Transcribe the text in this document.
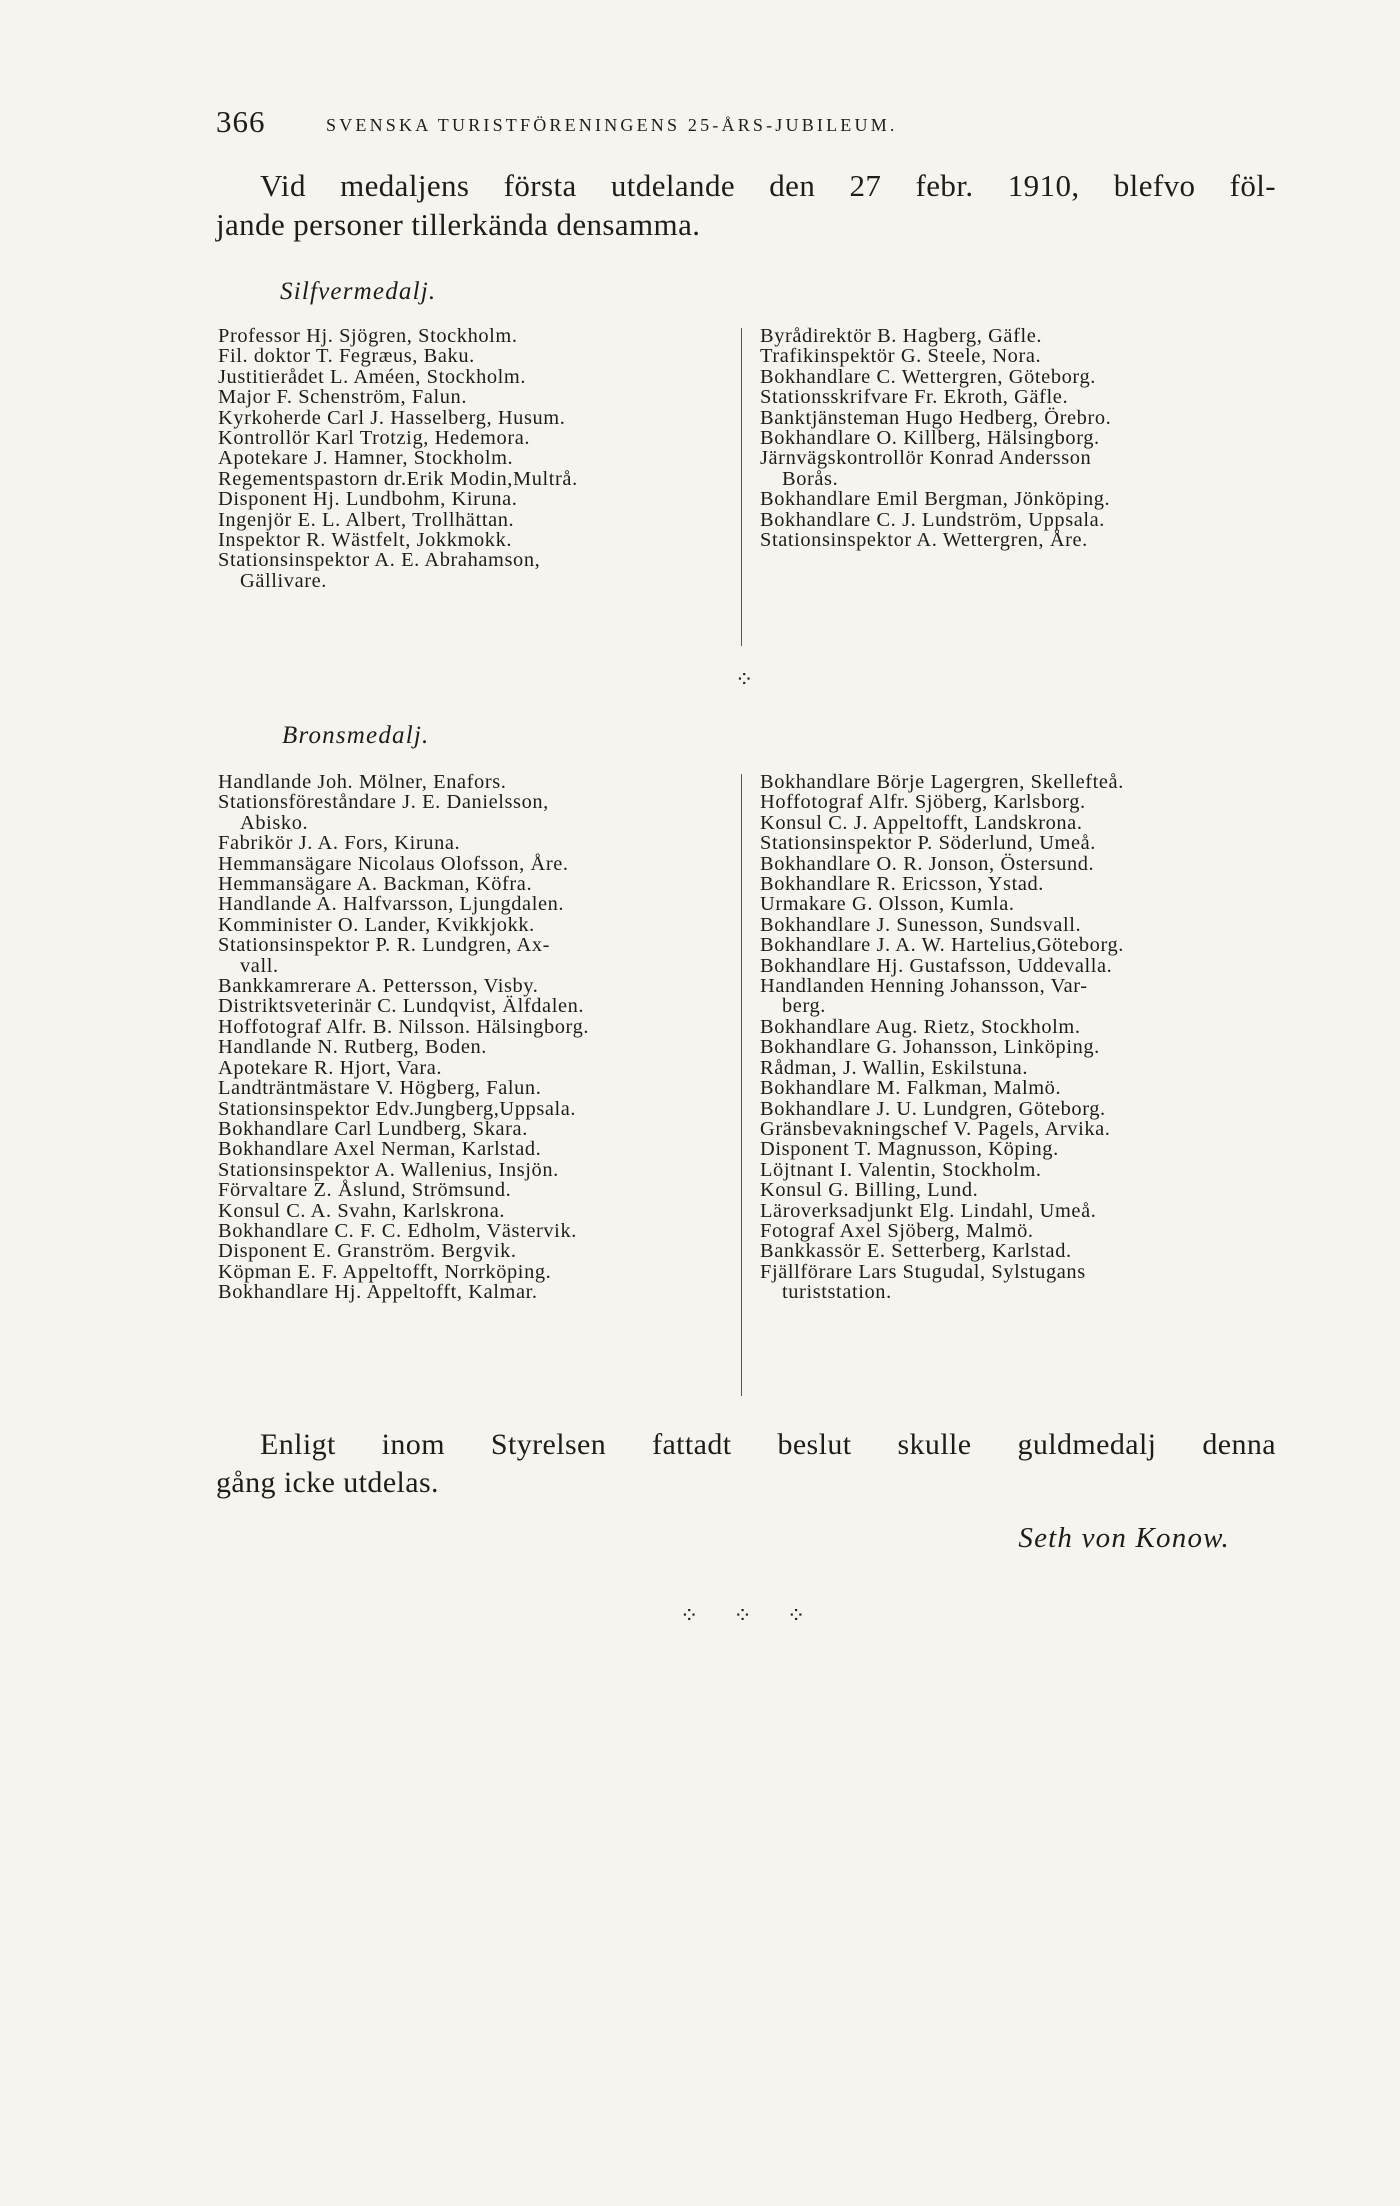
366	SVENSKA TURISTFÖRENINGENS 25-ÅRS-JUBILEUM.
Vid medaljens första utdelande den 27 febr. 1910, blefvo föl-
jande personer tillerkända densamma.
Silfvermedalj.
Professor Hj. Sjögren, Stockholm.
Fil. doktor T. Fegræus, Baku.
Justitierådet L. Améen, Stockholm.
Major F. Schenström, Falun.
Kyrkoherde Carl J. Hasselberg, Husum.
Kontrollör Karl Trotzig, Hedemora.
Apotekare J. Hamner, Stockholm.
Regementspastorn dr.Erik Modin,Multrå.
Disponent Hj. Lundbohm, Kiruna.
Ingenjör E. L. Albert, Trollhättan.
Inspektor R. Wästfelt, Jokkmokk.
Stationsinspektor A. E. Abrahamson,
Gällivare.
Byrådirektör B. Hagberg, Gäfle.
Trafikinspektör G. Steele, Nora.
Bokhandlare C. Wettergren, Göteborg.
Stationsskrifvare Fr. Ekroth, Gäfle.
Banktjänsteman Hugo Hedberg, Örebro.
Bokhandlare O. Killberg, Hälsingborg.
Järnvägskontrollör Konrad Andersson
Borås.
Bokhandlare Emil Bergman, Jönköping.
Bokhandlare C. J. Lundström, Uppsala.
Stationsinspektor A. Wettergren, Åre.
⁘
Bronsmedalj.
Handlande Joh. Mölner, Enafors.
Stationsföreståndare J. E. Danielsson,
Abisko.
Fabrikör J. A. Fors, Kiruna.
Hemmansägare Nicolaus Olofsson, Åre.
Hemmansägare A. Backman, Köfra.
Handlande A. Halfvarsson, Ljungdalen.
Komminister O. Lander, Kvikkjokk.
Stationsinspektor P. R. Lundgren, Ax-
vall.
Bankkamrerare A. Pettersson, Visby.
Distriktsveterinär C. Lundqvist, Älfdalen.
Hoffotograf Alfr. B. Nilsson. Hälsingborg.
Handlande N. Rutberg, Boden.
Apotekare R. Hjort, Vara.
Landträntmästare V. Högberg, Falun.
Stationsinspektor Edv.Jungberg,Uppsala.
Bokhandlare Carl Lundberg, Skara.
Bokhandlare Axel Nerman, Karlstad.
Stationsinspektor A. Wallenius, Insjön.
Förvaltare Z. Åslund, Strömsund.
Konsul C. A. Svahn, Karlskrona.
Bokhandlare C. F. C. Edholm, Västervik.
Disponent E. Granström. Bergvik.
Köpman E. F. Appeltofft, Norrköping.
Bokhandlare Hj. Appeltofft, Kalmar.
Bokhandlare Börje Lagergren, Skellefteå.
Hoffotograf Alfr. Sjöberg, Karlsborg.
Konsul C. J. Appeltofft, Landskrona.
Stationsinspektor P. Söderlund, Umeå.
Bokhandlare O. R. Jonson, Östersund.
Bokhandlare R. Ericsson, Ystad.
Urmakare G. Olsson, Kumla.
Bokhandlare J. Sunesson, Sundsvall.
Bokhandlare J. A. W. Hartelius,Göteborg.
Bokhandlare Hj. Gustafsson, Uddevalla.
Handlanden Henning Johansson, Var-
berg.
Bokhandlare Aug. Rietz, Stockholm.
Bokhandlare G. Johansson, Linköping.
Rådman, J. Wallin, Eskilstuna.
Bokhandlare M. Falkman, Malmö.
Bokhandlare J. U. Lundgren, Göteborg.
Gränsbevakningschef V. Pagels, Arvika.
Disponent T. Magnusson, Köping.
Löjtnant I. Valentin, Stockholm.
Konsul G. Billing, Lund.
Läroverksadjunkt Elg. Lindahl, Umeå.
Fotograf Axel Sjöberg, Malmö.
Bankkassör E. Setterberg, Karlstad.
Fjällförare Lars Stugudal, Sylstugans
turiststation.
Enligt inom Styrelsen fattadt beslut skulle guldmedalj denna
gång icke utdelas.
Seth von Konow.
⁘ ⁘ ⁘
